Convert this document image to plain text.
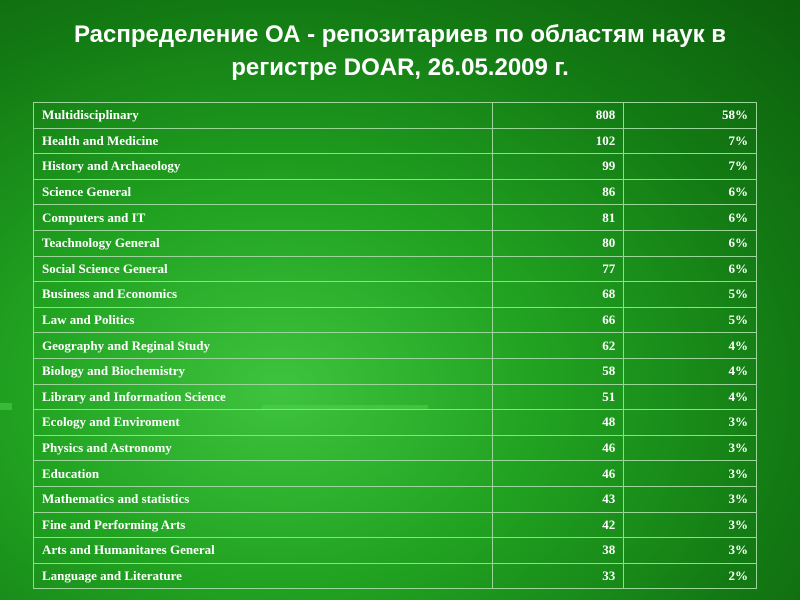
Распределение ОА - репозитариев по областям наук в
регистре DOAR, 26.05.2009 г.
Multidisciplinary	808	58%
Health and Medicine	102	7%
History and Archaeology	99	7%
Science General	86	6%
Computers and IT	81	6%
Teachnology General	80	6%
Social Science General	77	6%
Business and Economics	68	5%
Law and Politics	66	5%
Geography and Reginal Study	62	4%
Biology and Biochemistry	58	4%
Library and Information Science	51	4%
Ecology and Enviroment	48	3%
Physics and Astronomy	46	3%
Education	46	3%
Mathematics and statistics	43	3%
Fine and Performing Arts	42	3%
Arts and Humanitares General	38	3%
Language and Literature	33	2%
